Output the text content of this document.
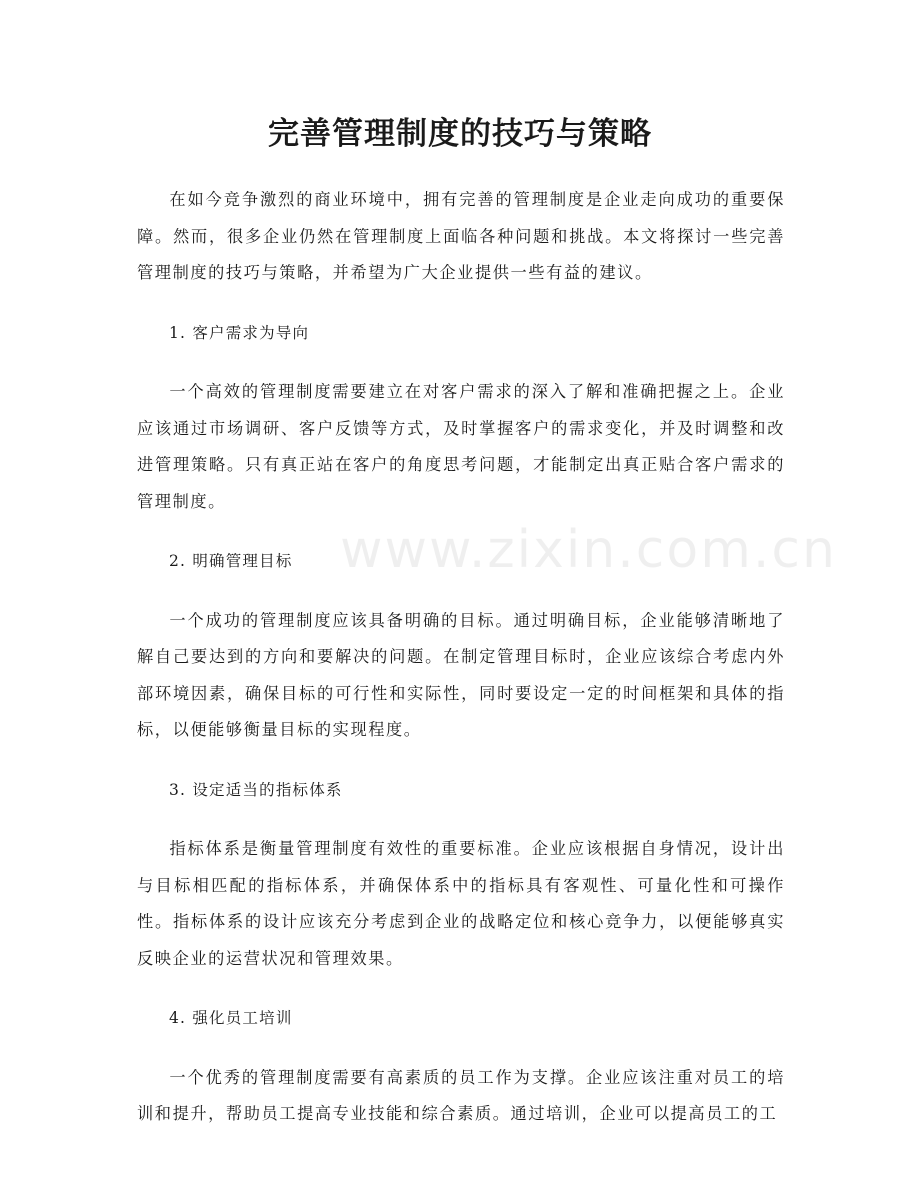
完善管理制度的技巧与策略
www.zixin.com.cn

在如今竞争激烈的商业环境中，拥有完善的管理制度是企业走向成功的重要保障。然而，很多企业仍然在管理制度上面临各种问题和挑战。本文将探讨一些完善管理制度的技巧与策略，并希望为广大企业提供一些有益的建议。

1. 客户需求为导向

一个高效的管理制度需要建立在对客户需求的深入了解和准确把握之上。企业应该通过市场调研、客户反馈等方式，及时掌握客户的需求变化，并及时调整和改进管理策略。只有真正站在客户的角度思考问题，才能制定出真正贴合客户需求的管理制度。

2. 明确管理目标

一个成功的管理制度应该具备明确的目标。通过明确目标，企业能够清晰地了解自己要达到的方向和要解决的问题。在制定管理目标时，企业应该综合考虑内外部环境因素，确保目标的可行性和实际性，同时要设定一定的时间框架和具体的指标，以便能够衡量目标的实现程度。

3. 设定适当的指标体系

指标体系是衡量管理制度有效性的重要标准。企业应该根据自身情况，设计出与目标相匹配的指标体系，并确保体系中的指标具有客观性、可量化性和可操作性。指标体系的设计应该充分考虑到企业的战略定位和核心竞争力，以便能够真实反映企业的运营状况和管理效果。

4. 强化员工培训

一个优秀的管理制度需要有高素质的员工作为支撑。企业应该注重对员工的培训和提升，帮助员工提高专业技能和综合素质。通过培训，企业可以提高员工的工
